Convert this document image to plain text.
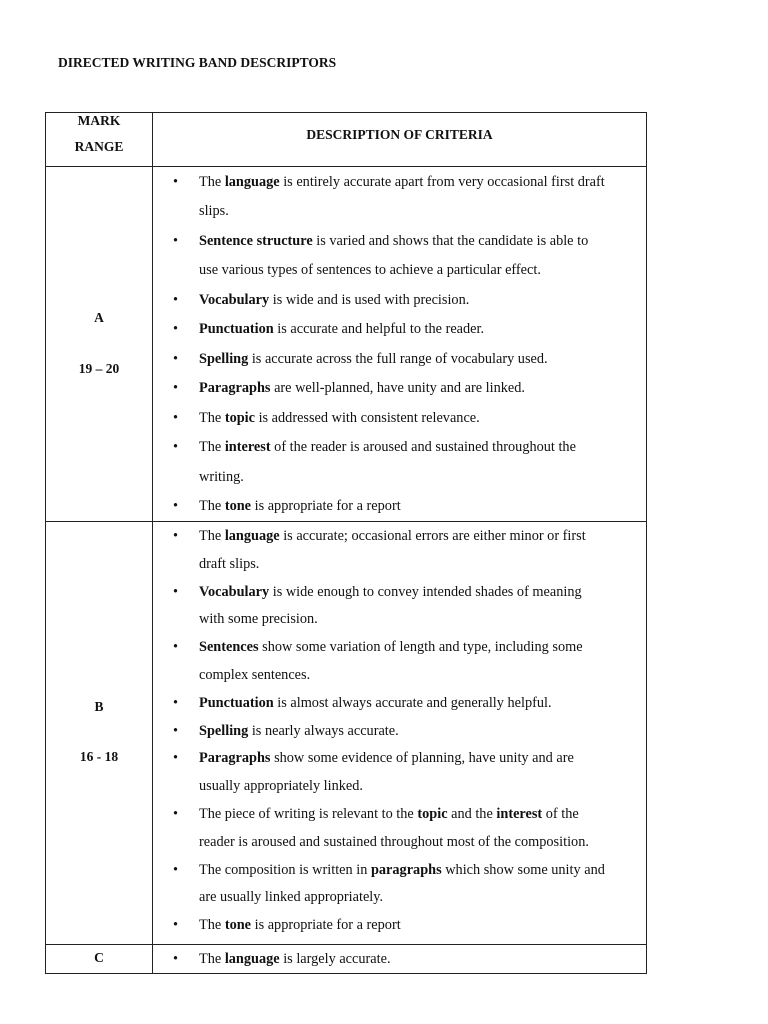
DIRECTED WRITING BAND DESCRIPTORS
MARK
RANGE
DESCRIPTION OF CRITERIA
A
19 – 20
• The language is entirely accurate apart from very occasional first draft
slips.
• Sentence structure is varied and shows that the candidate is able to
use various types of sentences to achieve a particular effect.
• Vocabulary is wide and is used with precision.
• Punctuation is accurate and helpful to the reader.
• Spelling is accurate across the full range of vocabulary used.
• Paragraphs are well-planned, have unity and are linked.
• The topic is addressed with consistent relevance.
• The interest of the reader is aroused and sustained throughout the
writing.
• The tone is appropriate for a report
B
16 - 18
• The language is accurate; occasional errors are either minor or first
draft slips.
• Vocabulary is wide enough to convey intended shades of meaning
with some precision.
• Sentences show some variation of length and type, including some
complex sentences.
• Punctuation is almost always accurate and generally helpful.
• Spelling is nearly always accurate.
• Paragraphs show some evidence of planning, have unity and are
usually appropriately linked.
• The piece of writing is relevant to the topic and the interest of the
reader is aroused and sustained throughout most of the composition.
• The composition is written in paragraphs which show some unity and
are usually linked appropriately.
• The tone is appropriate for a report
C	• The language is largely accurate.
